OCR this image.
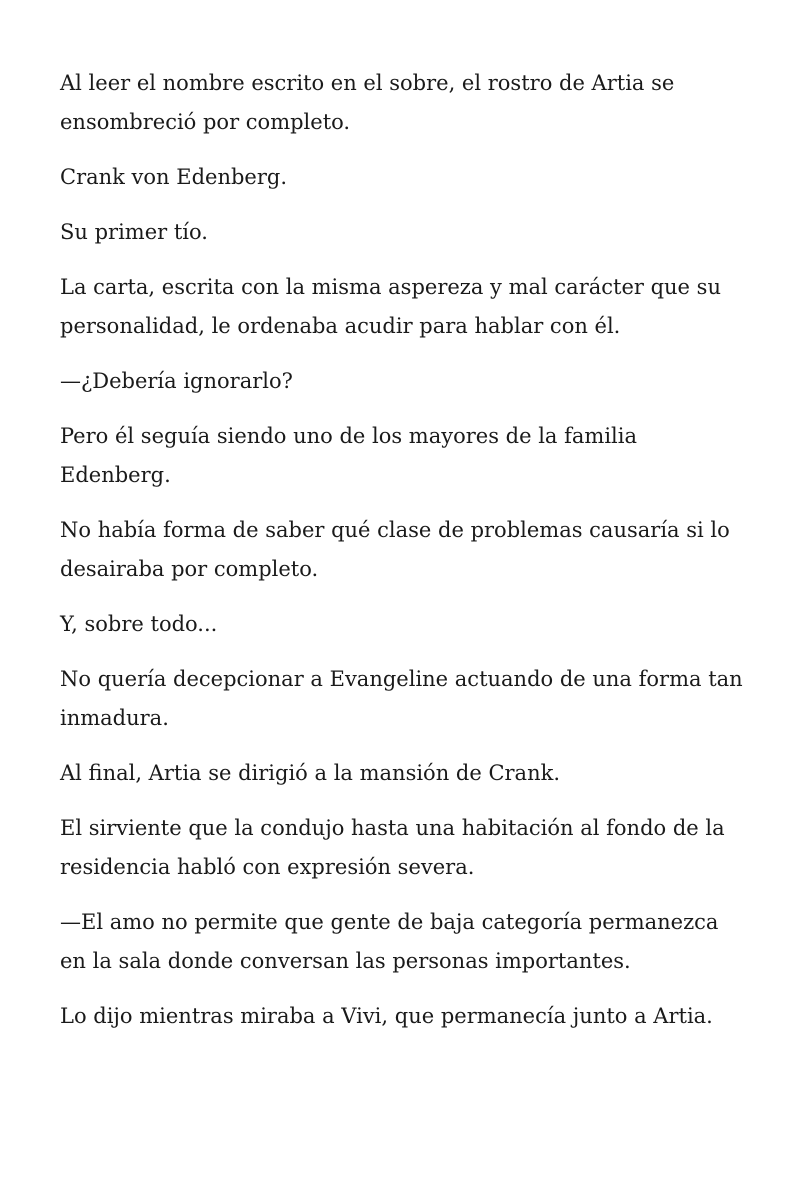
Al leer el nombre escrito en el sobre, el rostro de Artia se ensombreció por completo.

Crank von Edenberg.

Su primer tío.

La carta, escrita con la misma aspereza y mal carácter que su personalidad, le ordenaba acudir para hablar con él.

—¿Debería ignorarlo?

Pero él seguía siendo uno de los mayores de la familia Edenberg.

No había forma de saber qué clase de problemas causaría si lo desairaba por completo.

Y, sobre todo...

No quería decepcionar a Evangeline actuando de una forma tan inmadura.

Al final, Artia se dirigió a la mansión de Crank.

El sirviente que la condujo hasta una habitación al fondo de la residencia habló con expresión severa.

—El amo no permite que gente de baja categoría permanezca en la sala donde conversan las personas importantes.

Lo dijo mientras miraba a Vivi, que permanecía junto a Artia.
